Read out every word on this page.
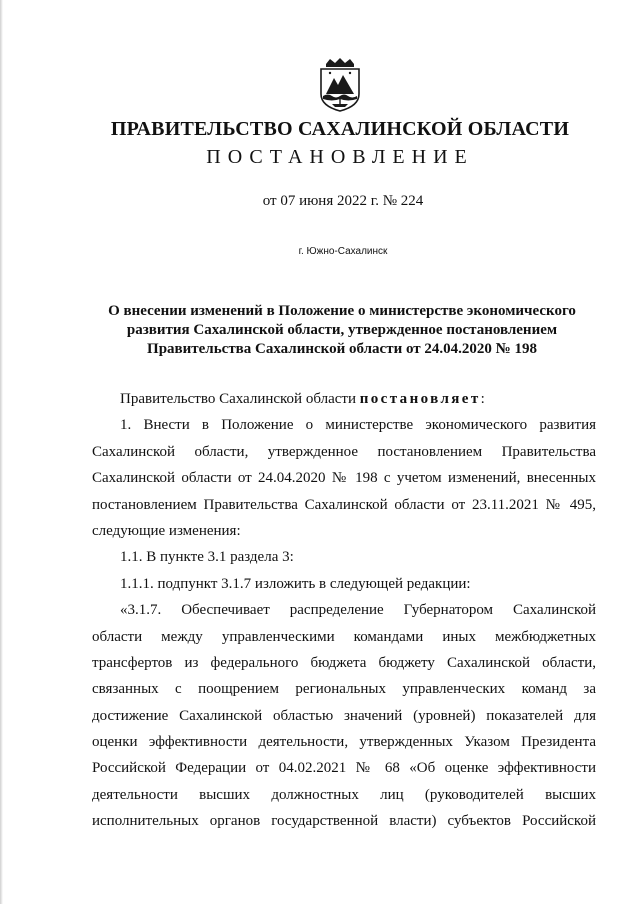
ПРАВИТЕЛЬСТВО САХАЛИНСКОЙ ОБЛАСТИ
ПОСТАНОВЛЕНИЕ
от 07 июня 2022 г. № 224
г. Южно-Сахалинск
О внесении изменений в Положение о министерстве экономического
развития Сахалинской области, утвержденное постановлением
Правительства Сахалинской области от 24.04.2020 № 198
Правительство Сахалинской области постановляет:
1. Внести в Положение о министерстве экономического развития
Сахалинской области, утвержденное постановлением Правительства
Сахалинской области от 24.04.2020 № 198 с учетом изменений, внесенных
постановлением Правительства Сахалинской области от 23.11.2021 № 495,
следующие изменения:
1.1. В пункте 3.1 раздела 3:
1.1.1. подпункт 3.1.7 изложить в следующей редакции:
«3.1.7. Обеспечивает распределение Губернатором Сахалинской
области между управленческими командами иных межбюджетных
трансфертов из федерального бюджета бюджету Сахалинской области,
связанных с поощрением региональных управленческих команд за
достижение Сахалинской областью значений (уровней) показателей для
оценки эффективности деятельности, утвержденных Указом Президента
Российской Федерации от 04.02.2021 № 68 «Об оценке эффективности
деятельности высших должностных лиц (руководителей высших
исполнительных органов государственной власти) субъектов Российской
